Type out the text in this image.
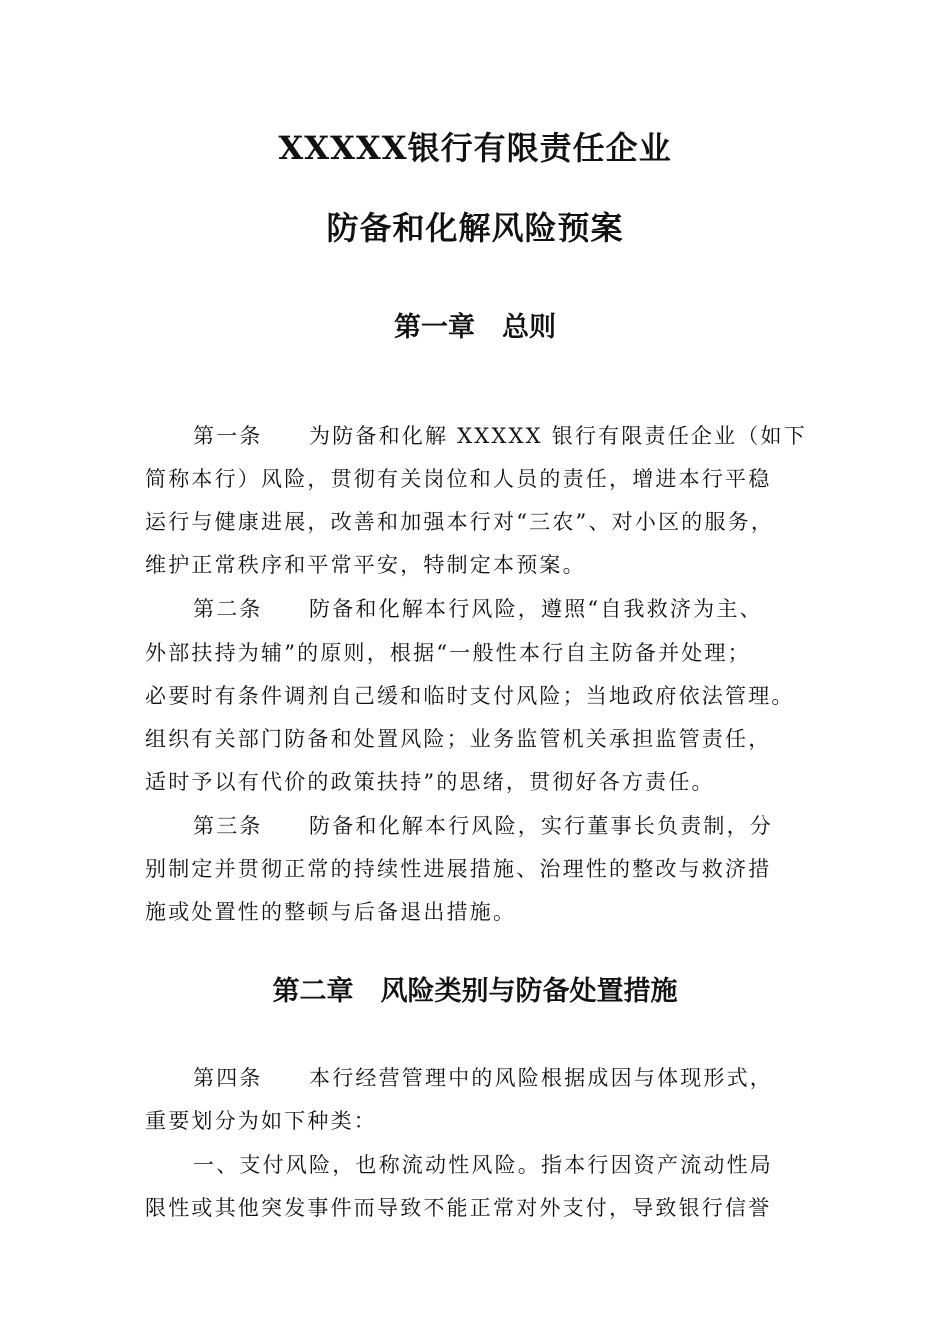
XXXXX银行有限责任企业
防备和化解风险预案
第一章　总则
第一条　　为防备和化解 XXXXX 银行有限责任企业（如下
简称本行）风险，贯彻有关岗位和人员的责任，增进本行平稳
运行与健康进展，改善和加强本行对“三农”、对小区的服务，
维护正常秩序和平常平安，特制定本预案。
第二条　　防备和化解本行风险，遵照“自我救济为主、
外部扶持为辅”的原则，根据“一般性本行自主防备并处理；
必要时有条件调剂自己缓和临时支付风险；当地政府依法管理。
组织有关部门防备和处置风险；业务监管机关承担监管责任，
适时予以有代价的政策扶持”的思绪，贯彻好各方责任。
第三条　　防备和化解本行风险，实行董事长负责制，分
别制定并贯彻正常的持续性进展措施、治理性的整改与救济措
施或处置性的整顿与后备退出措施。
第二章　风险类别与防备处置措施
第四条　　本行经营管理中的风险根据成因与体现形式，
重要划分为如下种类：
一、支付风险，也称流动性风险。指本行因资产流动性局
限性或其他突发事件而导致不能正常对外支付，导致银行信誉
